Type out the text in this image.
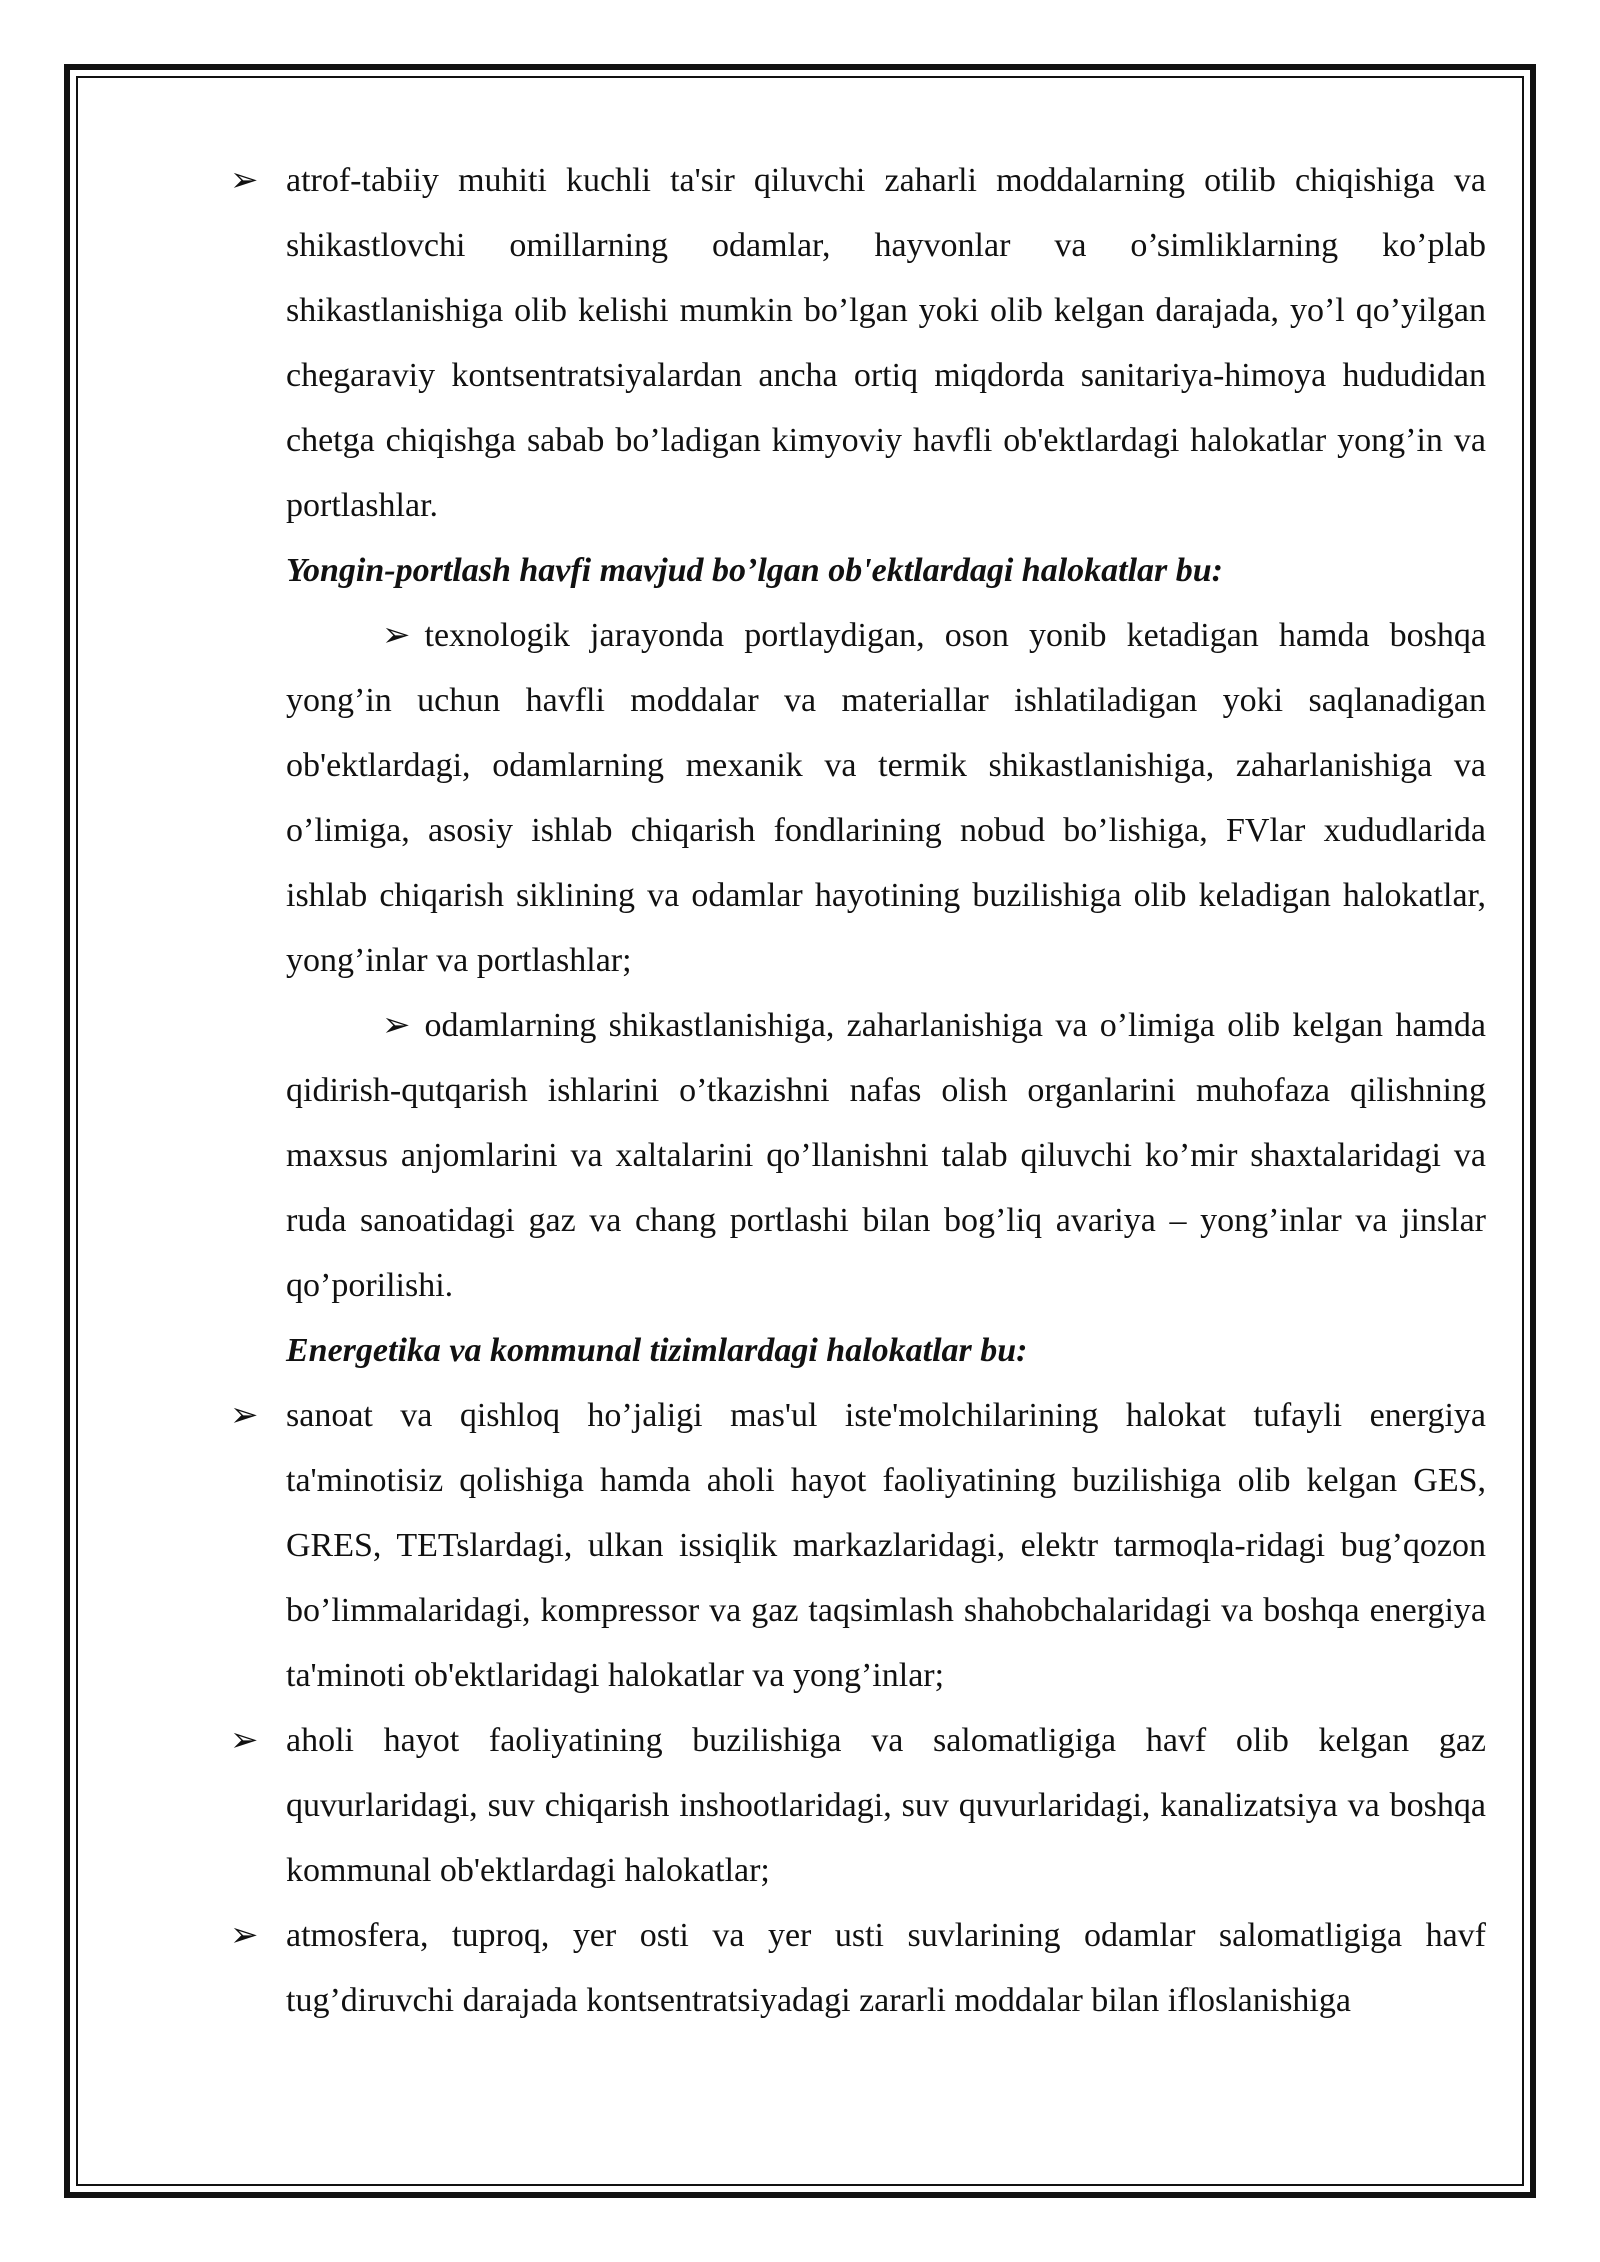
➢ atrof-tabiiy muhiti kuchli ta'sir qiluvchi zaharli moddalarning otilib chiqishiga va shikastlovchi omillarning odamlar, hayvonlar va o’simliklarning ko’plab shikastlanishiga olib kelishi mumkin bo’lgan yoki olib kelgan darajada, yo’l qo’yilgan chegaraviy kontsentratsiyalardan ancha ortiq miqdorda sanitariya-himoya hududidan chetga chiqishga sabab bo’ladigan kimyoviy havfli ob'ektlardagi halokatlar yong’in va portlashlar.

Yongin-portlash havfi mavjud bo’lgan ob'ektlardagi halokatlar bu:

➢ texnologik jarayonda portlaydigan, oson yonib ketadigan hamda boshqa yong’in uchun havfli moddalar va materiallar ishlatiladigan yoki saqlanadigan ob'ektlardagi, odamlarning mexanik va termik shikastlanishiga, zaharlanishiga va o’limiga, asosiy ishlab chiqarish fondlarining nobud bo’lishiga, FVlar xududlarida ishlab chiqarish siklining va odamlar hayotining buzilishiga olib keladigan halokatlar, yong’inlar va portlashlar;

➢ odamlarning shikastlanishiga, zaharlanishiga va o’limiga olib kelgan hamda qidirish-qutqarish ishlarini o’tkazishni nafas olish organlarini muhofaza qilishning maxsus anjomlarini va xaltalarini qo’llanishni talab qiluvchi ko’mir shaxtalaridagi va ruda sanoatidagi gaz va chang portlashi bilan bog’liq avariya – yong’inlar va jinslar qo’porilishi.

Energetika va kommunal tizimlardagi halokatlar bu:

➢ sanoat va qishloq ho’jaligi mas'ul iste'molchilarining halokat tufayli energiya ta'minotisiz qolishiga hamda aholi hayot faoliyatining buzilishiga olib kelgan GES, GRES, TETslardagi, ulkan issiqlik markazlaridagi, elektr tarmoqla-ridagi bug’qozon bo’limmalaridagi, kompressor va gaz taqsimlash shahobchalaridagi va boshqa energiya ta'minoti ob'ektlaridagi halokatlar va yong’inlar;

➢ aholi hayot faoliyatining buzilishiga va salomatligiga havf olib kelgan gaz quvurlaridagi, suv chiqarish inshootlaridagi, suv quvurlaridagi, kanalizatsiya va boshqa kommunal ob'ektlardagi halokatlar;

➢ atmosfera, tuproq, yer osti va yer usti suvlarining odamlar salomatligiga havf tug’diruvchi darajada kontsentratsiyadagi zararli moddalar bilan ifloslanishiga
